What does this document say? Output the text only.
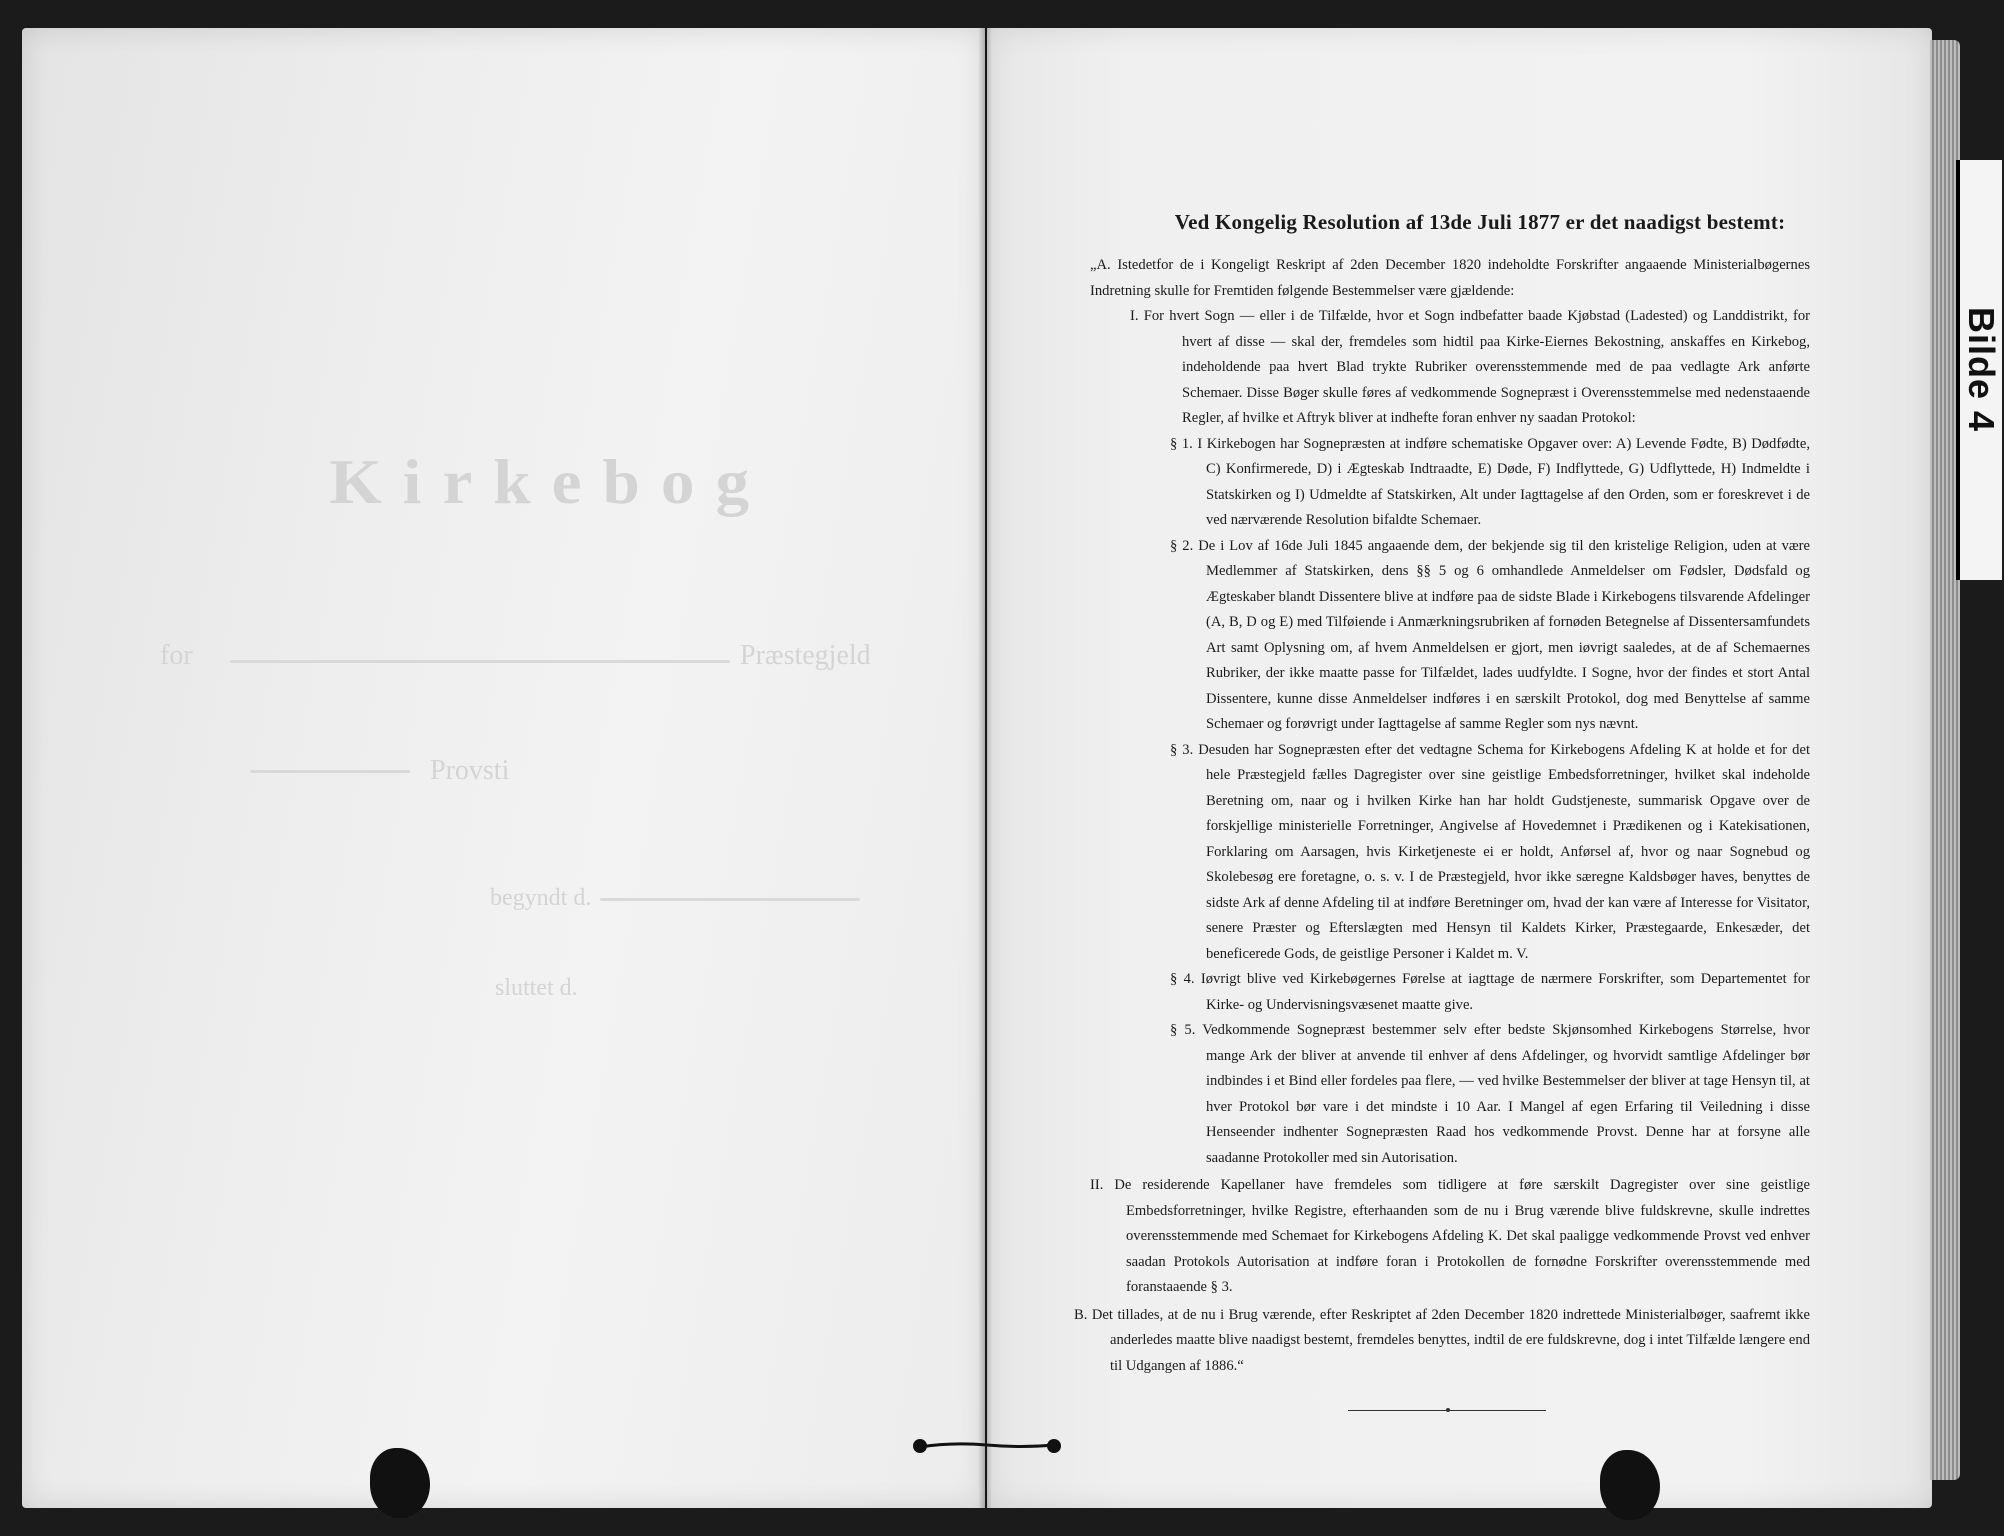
Bilde 4
Kirkebog
for	Præstegjeld
Provsti
begyndt d.
sluttet d.
Ved Kongelig Resolution af 13de Juli 1877 er det naadigst bestemt:
„A. Istedetfor de i Kongeligt Reskript af 2den December 1820 indeholdte Forskrifter angaaende Ministerialbøgernes Indretning skulle for Fremtiden følgende Bestemmelser være gjældende:
I. For hvert Sogn — eller i de Tilfælde, hvor et Sogn indbefatter baade Kjøbstad (Ladested) og Landdistrikt, for hvert af disse — skal der, fremdeles som hidtil paa Kirke-Eiernes Bekostning, anskaffes en Kirkebog, indeholdende paa hvert Blad trykte Rubriker overensstemmende med de paa vedlagte Ark anførte Schemaer. Disse Bøger skulle føres af vedkommende Sognepræst i Overensstemmelse med nedenstaaende Regler, af hvilke et Aftryk bliver at indhefte foran enhver ny saadan Protokol:
§ 1. I Kirkebogen har Sognepræsten at indføre schematiske Opgaver over: A) Levende Fødte, B) Dødfødte, C) Konfirmerede, D) i Ægteskab Indtraadte, E) Døde, F) Indflyttede, G) Udflyttede, H) Indmeldte i Statskirken og I) Udmeldte af Statskirken, Alt under Iagttagelse af den Orden, som er foreskrevet i de ved nærværende Resolution bifaldte Schemaer.
§ 2. De i Lov af 16de Juli 1845 angaaende dem, der bekjende sig til den kristelige Religion, uden at være Medlemmer af Statskirken, dens §§ 5 og 6 omhandlede Anmeldelser om Fødsler, Dødsfald og Ægteskaber blandt Dissentere blive at indføre paa de sidste Blade i Kirkebogens tilsvarende Afdelinger (A, B, D og E) med Tilføiende i Anmærkningsrubriken af fornøden Betegnelse af Dissentersamfundets Art samt Oplysning om, af hvem Anmeldelsen er gjort, men iøvrigt saaledes, at de af Schemaernes Rubriker, der ikke maatte passe for Tilfældet, lades uudfyldte. I Sogne, hvor der findes et stort Antal Dissentere, kunne disse Anmeldelser indføres i en særskilt Protokol, dog med Benyttelse af samme Schemaer og forøvrigt under Iagttagelse af samme Regler som nys nævnt.
§ 3. Desuden har Sognepræsten efter det vedtagne Schema for Kirkebogens Afdeling K at holde et for det hele Præstegjeld fælles Dagregister over sine geistlige Embedsforretninger, hvilket skal indeholde Beretning om, naar og i hvilken Kirke han har holdt Gudstjeneste, summarisk Opgave over de forskjellige ministerielle Forretninger, Angivelse af Hovedemnet i Prædikenen og i Katekisationen, Forklaring om Aarsagen, hvis Kirketjeneste ei er holdt, Anførsel af, hvor og naar Sognebud og Skolebesøg ere foretagne, o. s. v. I de Præstegjeld, hvor ikke særegne Kaldsbøger haves, benyttes de sidste Ark af denne Afdeling til at indføre Beretninger om, hvad der kan være af Interesse for Visitator, senere Præster og Efterslægten med Hensyn til Kaldets Kirker, Præstegaarde, Enkesæder, det beneficerede Gods, de geistlige Personer i Kaldet m. V.
§ 4. Iøvrigt blive ved Kirkebøgernes Førelse at iagttage de nærmere Forskrifter, som Departementet for Kirke- og Undervisningsvæsenet maatte give.
§ 5. Vedkommende Sognepræst bestemmer selv efter bedste Skjønsomhed Kirkebogens Størrelse, hvor mange Ark der bliver at anvende til enhver af dens Afdelinger, og hvorvidt samtlige Afdelinger bør indbindes i et Bind eller fordeles paa flere, — ved hvilke Bestemmelser der bliver at tage Hensyn til, at hver Protokol bør vare i det mindste i 10 Aar. I Mangel af egen Erfaring til Veiledning i disse Henseender indhenter Sognepræsten Raad hos vedkommende Provst. Denne har at forsyne alle saadanne Protokoller med sin Autorisation.
II. De residerende Kapellaner have fremdeles som tidligere at føre særskilt Dagregister over sine geistlige Embedsforretninger, hvilke Registre, efterhaanden som de nu i Brug værende blive fuldskrevne, skulle indrettes overensstemmende med Schemaet for Kirkebogens Afdeling K. Det skal paaligge vedkommende Provst ved enhver saadan Protokols Autorisation at indføre foran i Protokollen de fornødne Forskrifter overensstemmende med foranstaaende § 3.
B. Det tillades, at de nu i Brug værende, efter Reskriptet af 2den December 1820 indrettede Ministerialbøger, saafremt ikke anderledes maatte blive naadigst bestemt, fremdeles benyttes, indtil de ere fuldskrevne, dog i intet Tilfælde længere end til Udgangen af 1886.“
